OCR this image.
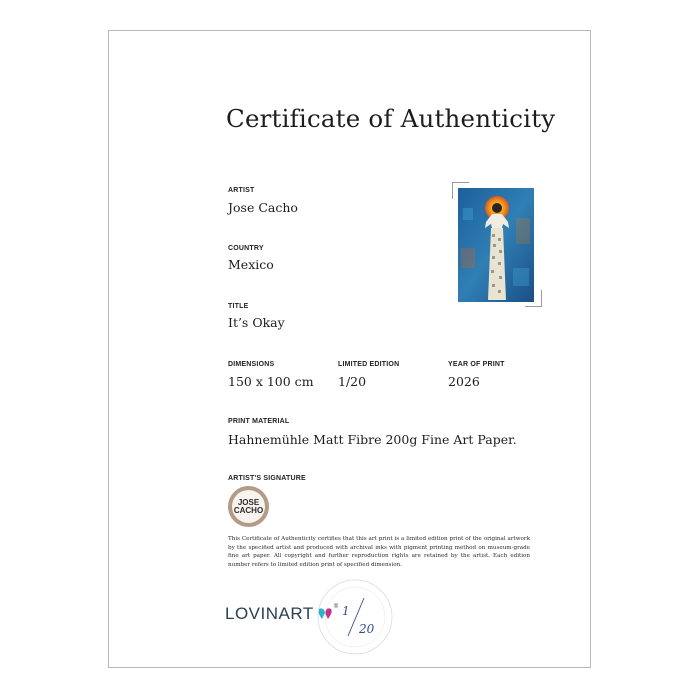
Certificate of Authenticity
ARTIST
Jose Cacho
COUNTRY
Mexico
TITLE
It’s Okay
DIMENSIONS
150 x 100 cm
LIMITED EDITION
1/20
YEAR OF PRINT
2026
PRINT MATERIAL
Hahnemühle Matt Fibre 200g Fine Art Paper.
ARTIST'S SIGNATURE
JOSE
CACHO
This Certificate of Authenticity certifies that this art print is a limited edition print of the original artwork by the specified artist and produced with archival inks with pigment printing method on museum-grade fine art paper. All copyright and further reproduction rights are retained by the artist. Each edition number refers to limited edition print of specified dimension.
LOVINART	® 1
20
